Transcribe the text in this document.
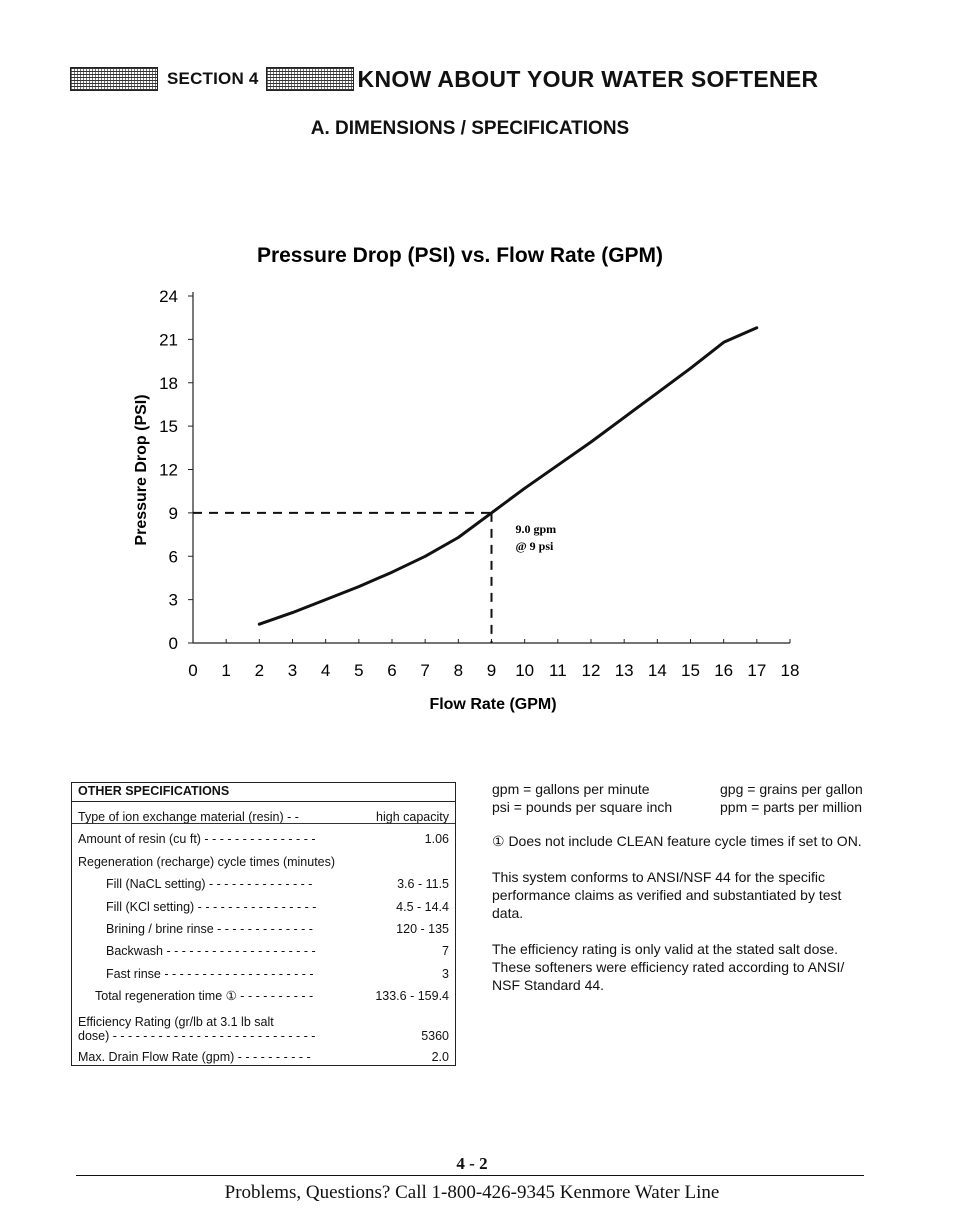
SECTION 4	KNOW ABOUT YOUR WATER SOFTENER
A. DIMENSIONS / SPECIFICATIONS
Pressure Drop (PSI) vs. Flow Rate (GPM)
0
3
6
9
12
15
18
21
24
0 1 2 3 4 5 6 7 8 9 10 11 12 13 14 15 16 17 18
Flow Rate (GPM)
Pressure Drop (PSI)	9.0 gpm
@ 9 psi
OTHER SPECIFICATIONS
Type of ion exchange material (resin) - -	high capacity
Amount of resin (cu ft) - - - - - - - - - - - - - - -	1.06
Regeneration (recharge) cycle times (minutes)
Fill (NaCL setting) - - - - - - - - - - - - - -	3.6 - 11.5
Fill (KCl setting) - - - - - - - - - - - - - - - -	4.5 - 14.4
Brining / brine rinse - - - - - - - - - - - - -	120 - 135
Backwash - - - - - - - - - - - - - - - - - - - -	7
Fast rinse - - - - - - - - - - - - - - - - - - - -	3
Total regeneration time ① - - - - - - - - - -	133.6 - 159.4
Efficiency Rating (gr/lb at 3.1 lb salt
dose) - - - - - - - - - - - - - - - - - - - - - - - - - - -	5360
Max. Drain Flow Rate (gpm) - - - - - - - - - -	2.0
gpm = gallons per minute	gpg = grains per gallon
psi = pounds per square inch	ppm = parts per million

① Does not include CLEAN feature cycle times if set to ON.

This system conforms to ANSI/NSF 44 for the specific performance claims as verified and substantiated by test data.

The efficiency rating is only valid at the stated salt dose. These softeners were efficiency rated according to ANSI/ NSF Standard 44.

4 - 2
Problems, Questions? Call 1-800-426-9345 Kenmore Water Line
